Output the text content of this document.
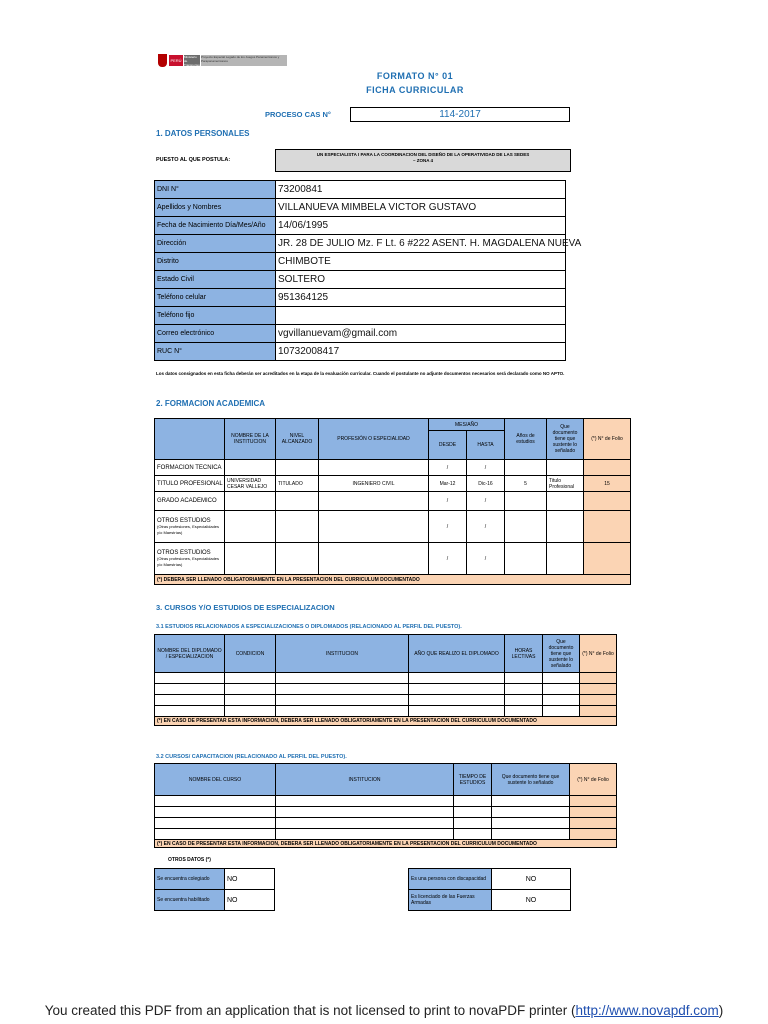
PERÚ
Ministerio de Transportes y Comunicaciones
Proyecto Especial Legado de los Juegos Panamericanos y Parapanamericanos
FORMATO N° 01
FICHA CURRICULAR
PROCESO CAS N°	114-2017
1. DATOS PERSONALES
PUESTO AL QUE POSTULA:
UN ESPECIALISTA I PARA LA COORDINACION DEL DISEÑO DE LA OPERATIVIDAD DE LAS SEDES – ZONA 4
DNI N°	73200841
Apellidos y Nombres	VILLANUEVA MIMBELA VICTOR GUSTAVO
Fecha de Nacimiento Día/Mes/Año	14/06/1995
Dirección	JR. 28 DE JULIO Mz. F Lt. 6 #222 ASENT. H. MAGDALENA NUEVA
Distrito	CHIMBOTE
Estado Civil	SOLTERO
Teléfono celular	951364125
Teléfono fijo	
Correo electrónico	vgvillanuevam@gmail.com
RUC N°	10732008417
Los datos consignados en esta ficha deberán ser acreditados en la etapa de la evaluación curricular. Cuando el postulante no adjunte documentos necesarios será declarado como NO APTO.
2. FORMACION ACADEMICA
	NOMBRE DE LA INSTITUCION	NIVEL ALCANZADO	PROFESIÓN O ESPECIALIDAD	MES/AÑO		Años de estudios	Que documento tiene que sustente lo señalado	(*) N° de Folio
				DESDE	HASTA			
FORMACION TECNICA				/	/			
TITULO PROFESIONAL	UNIVERSIDAD CESAR VALLEJO	TITULADO	INGENIERO CIVIL	Mar-12	Dic-16	5	Titulo Profesional	15
GRADO ACADEMICO				/	/			
OTROS ESTUDIOS (Otras profesiones, Especialidades y/o Maestrías)				/	/			
OTROS ESTUDIOS (Otras profesiones, Especialidades y/o Maestrías)				/	/			
(*) DEBERA SER LLENADO OBLIGATORIAMENTE EN LA PRESENTACION DEL CURRICULUM DOCUMENTADO								
3. CURSOS Y/O ESTUDIOS DE ESPECIALIZACION
3.1 ESTUDIOS RELACIONADOS A ESPECIALIZACIONES O DIPLOMADOS (RELACIONADO AL PERFIL DEL PUESTO).
NOMBRE DEL DIPLOMADO / ESPECIALIZACION	CONDICION	INSTITUCION	AÑO QUE REALIZO EL DIPLOMADO	HORAS LECTIVAS	Que documento tiene que sustente lo señalado	(*) N° de Folio

(*) EN CASO DE PRESENTAR ESTA INFORMACION, DEBERA SER LLENADO OBLIGATORIAMENTE EN LA PRESENTACION DEL CURRICULUM DOCUMENTADO						
3.2 CURSOS/ CAPACITACION (RELACIONADO AL PERFIL DEL PUESTO).
NOMBRE DEL CURSO	INSTITUCION	TIEMPO DE ESTUDIOS	Que documento tiene que sustente lo señalado	(*) N° de Folio

(*) EN CASO DE PRESENTAR ESTA INFORMACION, DEBERA SER LLENADO OBLIGATORIAMENTE EN LA PRESENTACION DEL CURRICULUM DOCUMENTADO				
OTROS DATOS (*)
Se encuentra colegiado	NO
Se encuentra habilitado	NO
Es una persona con discapacidad	NO
Es licenciado de las Fuerzas Armadas	NO
You created this PDF from an application that is not licensed to print to novaPDF printer (http://www.novapdf.com)
